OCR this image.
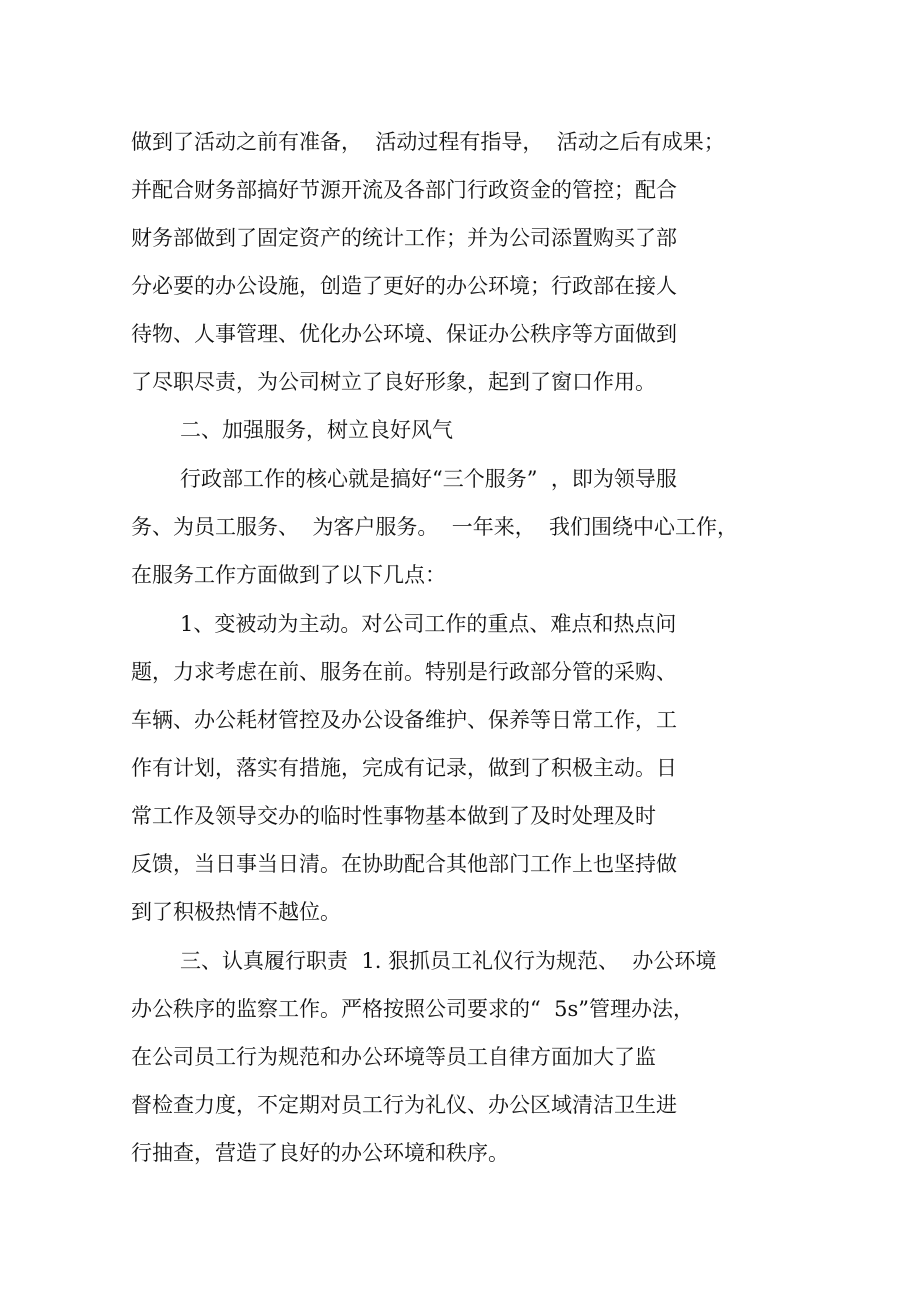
做到了活动之前有准备，  活动过程有指导，  活动之后有成果；
并配合财务部搞好节源开流及各部门行政资金的管控；配合
财务部做到了固定资产的统计工作；并为公司添置购买了部
分必要的办公设施，创造了更好的办公环境；行政部在接人
待物、人事管理、优化办公环境、保证办公秩序等方面做到
了尽职尽责，为公司树立了良好形象，起到了窗口作用。
二、加强服务，树立良好风气
行政部工作的核心就是搞好“三个服务”  ，即为领导服
务、为员工服务、  为客户服务。  一年来，  我们围绕中心工作，
在服务工作方面做到了以下几点：
1、变被动为主动。对公司工作的重点、难点和热点问
题，力求考虑在前、服务在前。特别是行政部分管的采购、
车辆、办公耗材管控及办公设备维护、保养等日常工作，工
作有计划，落实有措施，完成有记录，做到了积极主动。日
常工作及领导交办的临时性事物基本做到了及时处理及时
反馈，当日事当日清。在协助配合其他部门工作上也坚持做
到了积极热情不越位。
三、认真履行职责  1. 狠抓员工礼仪行为规范、  办公环境
办公秩序的监察工作。严格按照公司要求的“  5s”管理办法，
在公司员工行为规范和办公环境等员工自律方面加大了监
督检查力度，不定期对员工行为礼仪、办公区域清洁卫生进
行抽查，营造了良好的办公环境和秩序。
